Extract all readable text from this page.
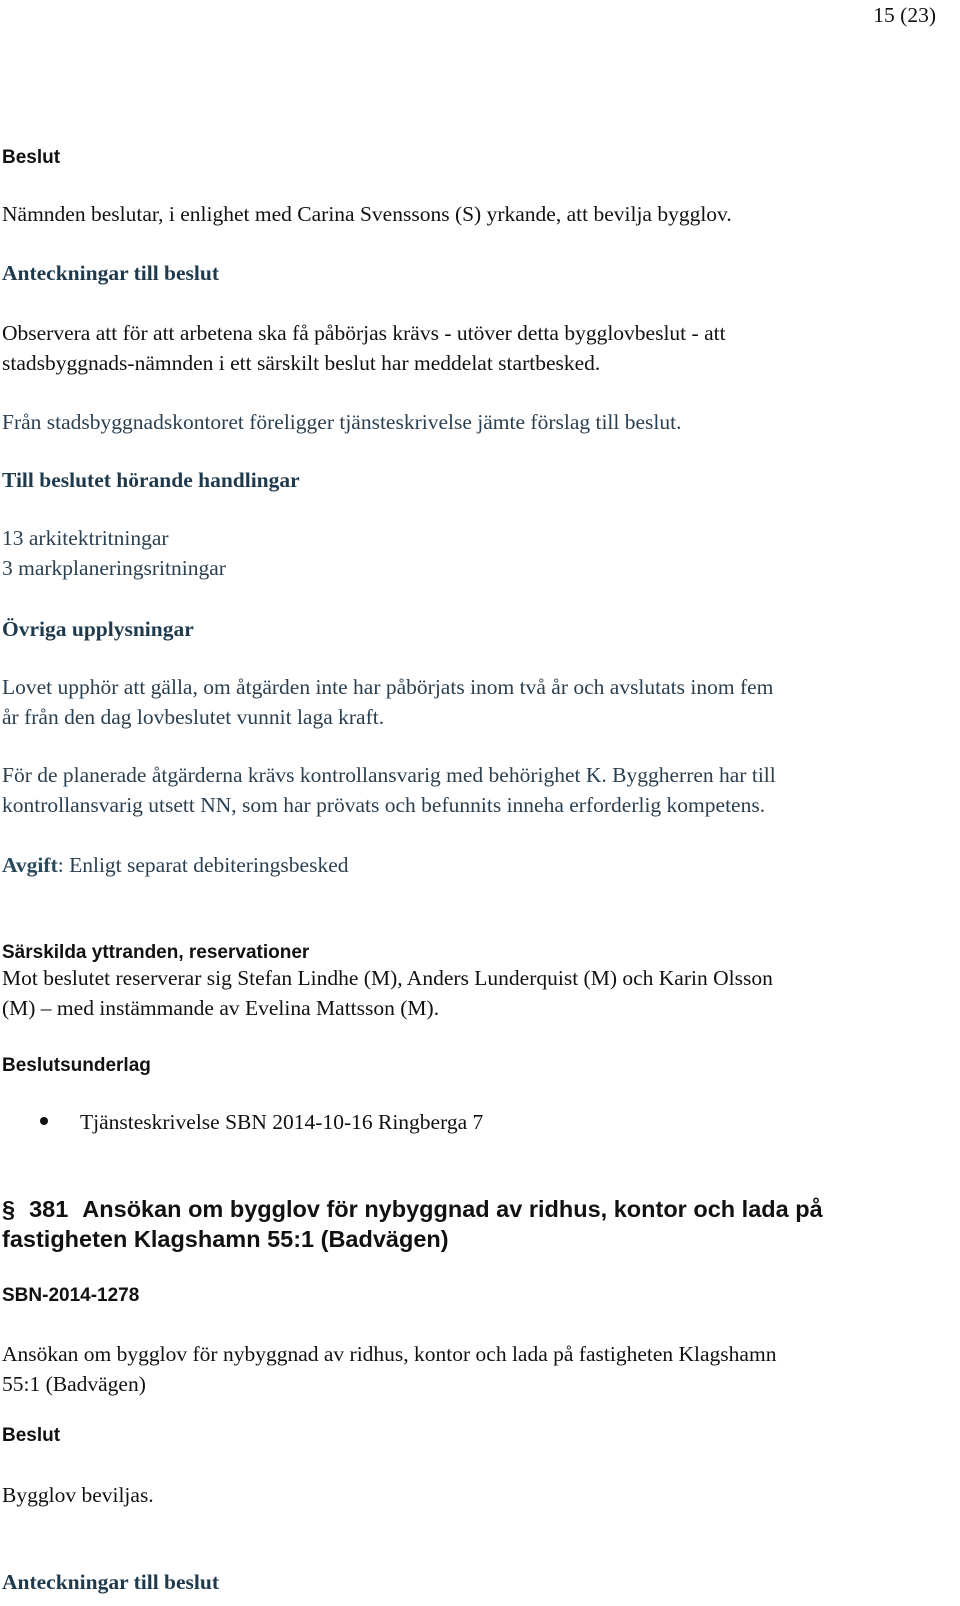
15 (23)
Beslut
Nämnden beslutar, i enlighet med Carina Svenssons (S) yrkande, att bevilja bygglov.
Anteckningar till beslut
Observera att för att arbetena ska få påbörjas krävs - utöver detta bygglovbeslut - att
stadsbyggnads-nämnden i ett särskilt beslut har meddelat startbesked.
Från stadsbyggnadskontoret föreligger tjänsteskrivelse jämte förslag till beslut.
Till beslutet hörande handlingar
13 arkitektritningar
3 markplaneringsritningar
Övriga upplysningar
Lovet upphör att gälla, om åtgärden inte har påbörjats inom två år och avslutats inom fem
år från den dag lovbeslutet vunnit laga kraft.
För de planerade åtgärderna krävs kontrollansvarig med behörighet K. Byggherren har till
kontrollansvarig utsett NN, som har prövats och befunnits inneha erforderlig kompetens.
Avgift: Enligt separat debiteringsbesked
Särskilda yttranden, reservationer
Mot beslutet reserverar sig Stefan Lindhe (M), Anders Lunderquist (M) och Karin Olsson
(M) – med instämmande av Evelina Mattsson (M).
Beslutsunderlag
Tjänsteskrivelse SBN 2014-10-16 Ringberga 7
§ 381 Ansökan om bygglov för nybyggnad av ridhus, kontor och lada på
fastigheten Klagshamn 55:1 (Badvägen)
SBN-2014-1278
Ansökan om bygglov för nybyggnad av ridhus, kontor och lada på fastigheten Klagshamn
55:1 (Badvägen)
Beslut
Bygglov beviljas.
Anteckningar till beslut
